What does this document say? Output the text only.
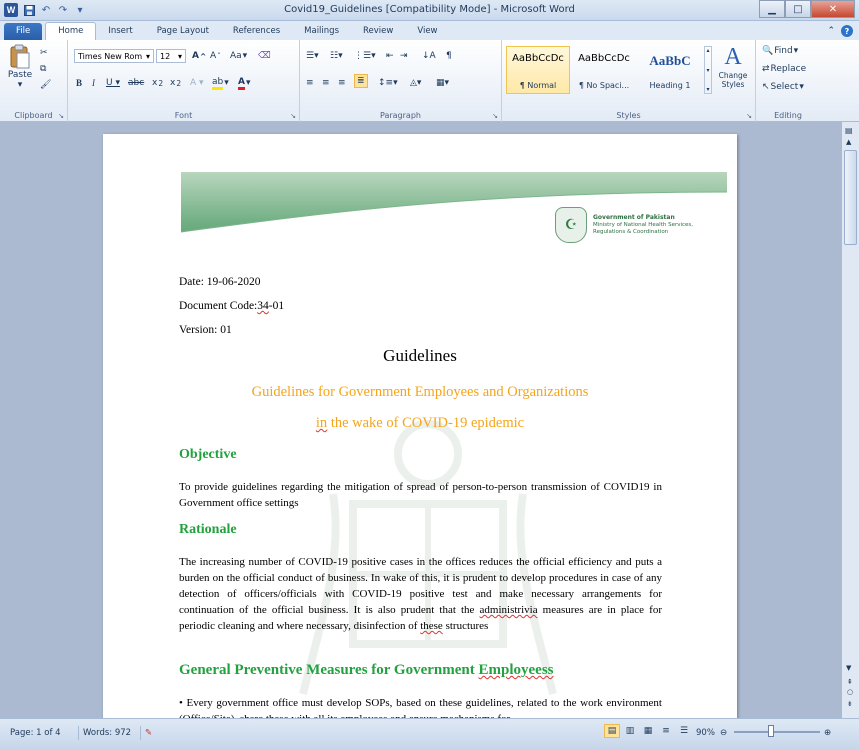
W	↶ ↷	▾	Covid19_Guidelines [Compatibility Mode] - Microsoft Word	▁	□	✕
File	Home	Insert	Page Layout	References	Mailings	Review	View	⌃	?
Paste
▾
✂
⧉
🖌
Clipboard ↘
Times New Rom ▾ 12 ▾ A ^ A ˇ Aa ▾ ⌫
B I U ▾ abc x 2 x 2 A ▾ ab ▾ A ▾
Font	↘
☰▾ ☷▾ ⋮☰▾ ⇤ ⇥ ↓A ¶
≡ ≡ ≡	≣	↕≡▾ ◬▾ ▦▾
Paragraph	↘
AaBbCcDc
¶ Normal
AaBbCcDc
¶ No Spaci...
AaBbC
Heading 1
▴
▾
▾
A
Change Styles
Styles	↘
🔍 Find ▾
⇄ Replace
↖ Select ▾
Editing
☪	Government of Pakistan
Ministry of National Health Services,
Regulations & Coordination
Date: 19-06-2020
Document Code:34-01
Version: 01
Guidelines
Guidelines for Government Employees and Organizations
in the wake of COVID-19 epidemic
Objective
To provide guidelines regarding the mitigation of spread of person-to-person transmission of COVID19 in Government office settings
Rationale
The increasing number of COVID-19 positive cases in the offices reduces the official efficiency and puts a burden on the official conduct of business. In wake of this, it is prudent to develop procedures in case of any detection of officers/officials with COVID-19 positive test and make necessary arrangements for continuation of the official business. It is also prudent that the administrivia measures are in place for periodic cleaning and where necessary, disinfection of these structures
General Preventive Measures for Government Employeess
• Every government office must develop SOPs, based on these guidelines, related to the work environment
▤
▲
▼
⇞
○
⇟
Page: 1 of 4	Words: 972	✎	▤	▥	▦	≡	☰ 90% ⊖	⊕
